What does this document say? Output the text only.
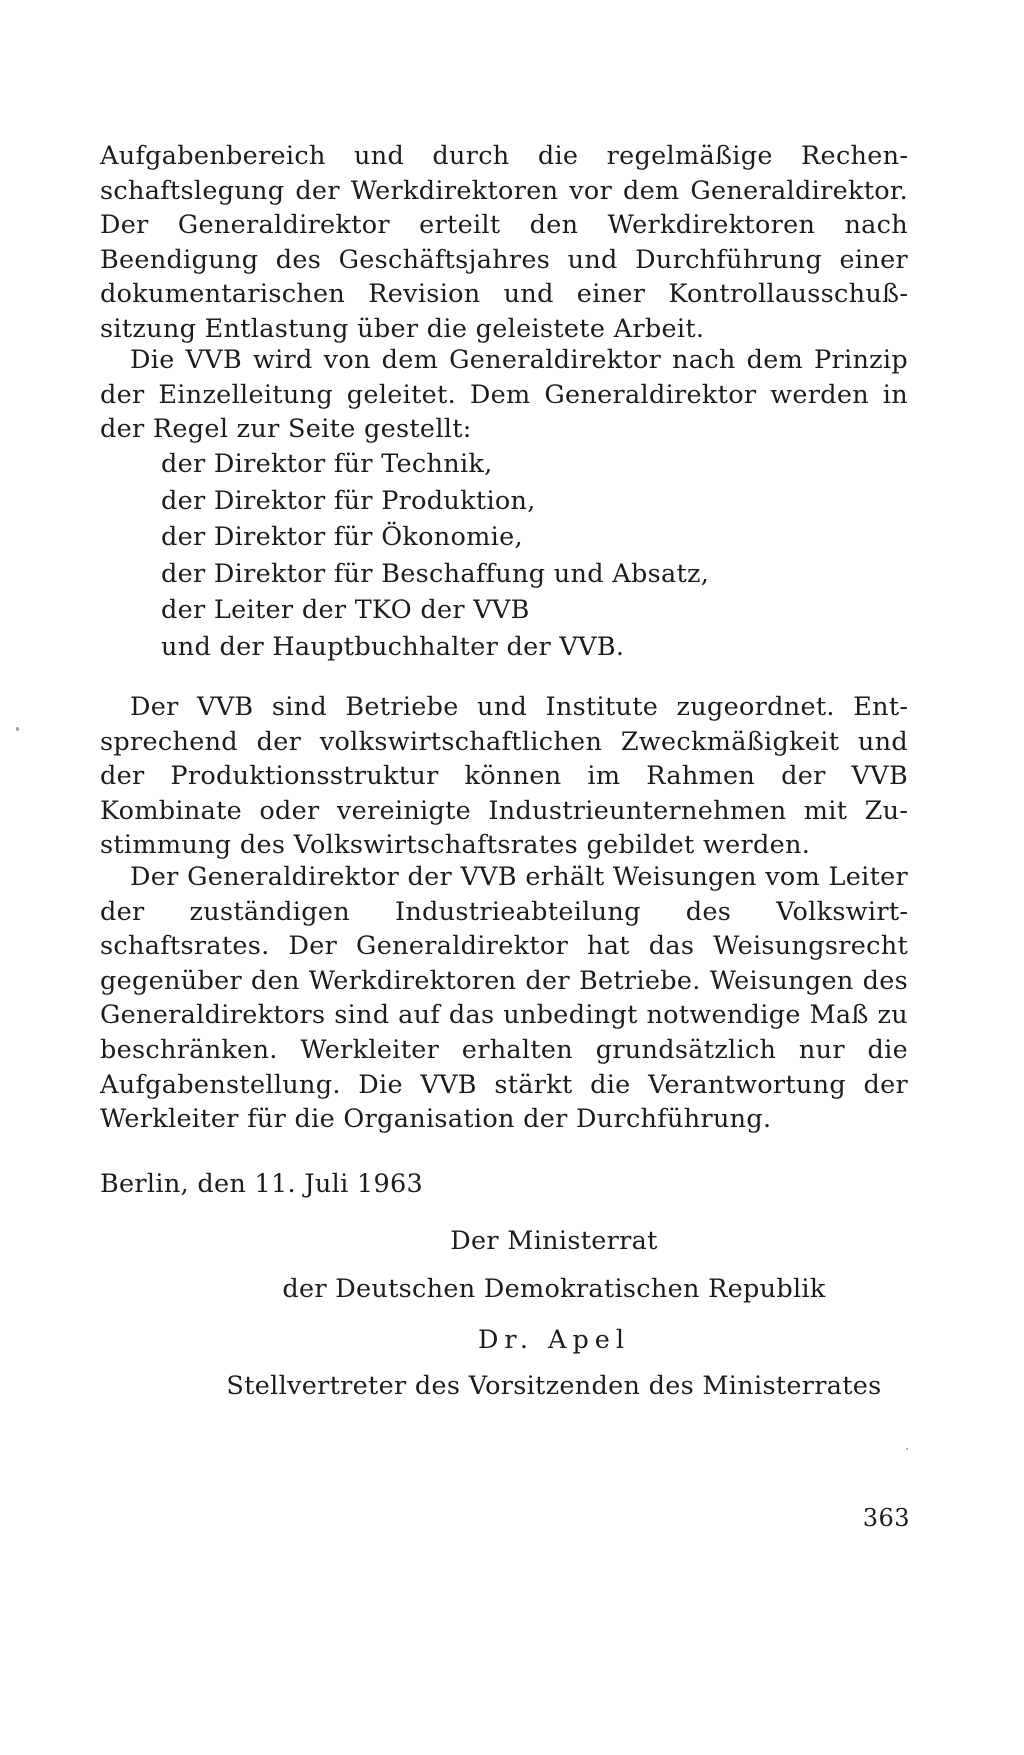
Aufgabenbereich und durch die regelmäßige Rechenschaftslegung der Werkdirektoren vor dem Generaldirektor. Der Generaldirektor erteilt den Werkdirektoren nach Beendigung des Geschäftsjahres und Durchführung einer dokumentarischen Revision und einer Kontrollausschußsitzung Entlastung über die geleistete Arbeit.

Die VVB wird von dem Generaldirektor nach dem Prinzip der Einzelleitung geleitet. Dem Generaldirektor werden in der Regel zur Seite gestellt:

der Direktor für Technik,
der Direktor für Produktion,
der Direktor für Ökonomie,
der Direktor für Beschaffung und Absatz,
der Leiter der TKO der VVB
und der Hauptbuchhalter der VVB.

Der VVB sind Betriebe und Institute zugeordnet. Entsprechend der volkswirtschaftlichen Zweckmäßigkeit und der Produktionsstruktur können im Rahmen der VVB Kombinate oder vereinigte Industrieunternehmen mit Zustimmung des Volkswirtschaftsrates gebildet werden.

Der Generaldirektor der VVB erhält Weisungen vom Leiter der zuständigen Industrieabteilung des Volkswirtschaftsrates. Der Generaldirektor hat das Weisungsrecht gegenüber den Werkdirektoren der Betriebe. Weisungen des Generaldirektors sind auf das unbedingt notwendige Maß zu beschränken. Werkleiter erhalten grundsätzlich nur die Aufgabenstellung. Die VVB stärkt die Verantwortung der Werkleiter für die Organisation der Durchführung.

Berlin, den 11. Juli 1963
Der Ministerrat
der Deutschen Demokratischen Republik
Dr. Apel
Stellvertreter des Vorsitzenden des Ministerrates
363
